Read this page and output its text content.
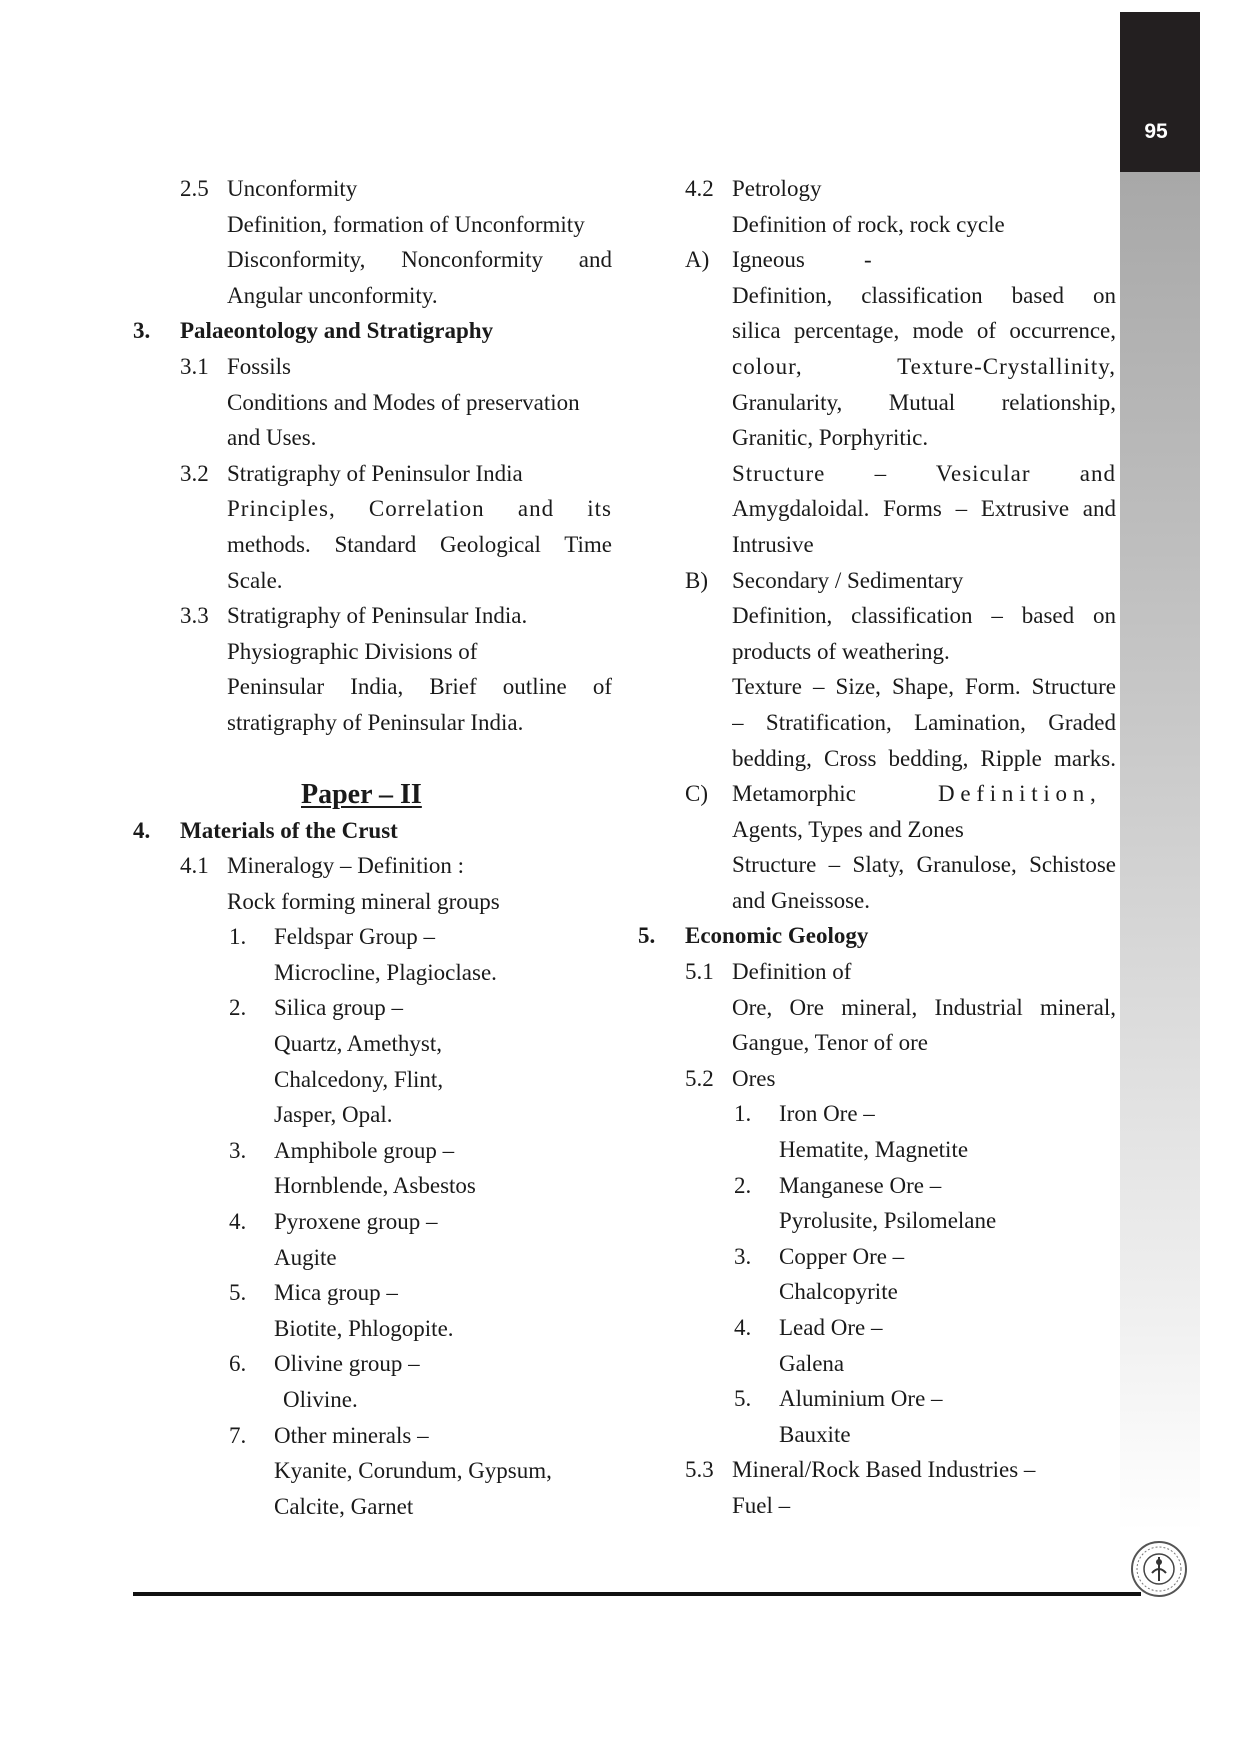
95
2.5 Unconformity
Definition, formation of Unconformity
Disconformity, Nonconformity and
Angular unconformity.
3. Palaeontology and Stratigraphy
3.1 Fossils
Conditions and Modes of preservation
and Uses.
3.2 Stratigraphy of Peninsulor India
Principles, Correlation and its
methods. Standard Geological Time
Scale.
3.3 Stratigraphy of Peninsular India.
Physiographic Divisions of
Peninsular India, Brief outline of
stratigraphy of Peninsular India.
Paper – II
4. Materials of the Crust
4.1 Mineralogy – Definition :
Rock forming mineral groups
1. Feldspar Group –
Microcline, Plagioclase.
2. Silica group –
Quartz, Amethyst,
Chalcedony, Flint,
Jasper, Opal.
3. Amphibole group –
Hornblende, Asbestos
4. Pyroxene group –
Augite
5. Mica group –
Biotite, Phlogopite.
6. Olivine group –
Olivine.
7. Other minerals –
Kyanite, Corundum, Gypsum,
Calcite, Garnet
4.2 Petrology
Definition of rock, rock cycle
A) Igneous	-
Definition, classification based on
silica percentage, mode of occurrence,
colour, Texture-Crystallinity,
Granularity, Mutual relationship,
Granitic, Porphyritic.
Structure – Vesicular and
Amygdaloidal. Forms – Extrusive and
Intrusive
B) Secondary / Sedimentary
Definition, classification – based on
products of weathering.
Texture – Size, Shape, Form. Structure
– Stratification, Lamination, Graded
bedding, Cross bedding, Ripple marks.
C) Metamorphic	D e f i n i t i o n ,
Agents, Types and Zones
Structure – Slaty, Granulose, Schistose
and Gneissose.
5. Economic Geology
5.1 Definition of
Ore, Ore mineral, Industrial mineral,
Gangue, Tenor of ore
5.2 Ores
1. Iron Ore –
Hematite, Magnetite
2. Manganese Ore –
Pyrolusite, Psilomelane
3. Copper Ore –
Chalcopyrite
4. Lead Ore –
Galena
5. Aluminium Ore –
Bauxite
5.3 Mineral/Rock Based Industries –
Fuel –
